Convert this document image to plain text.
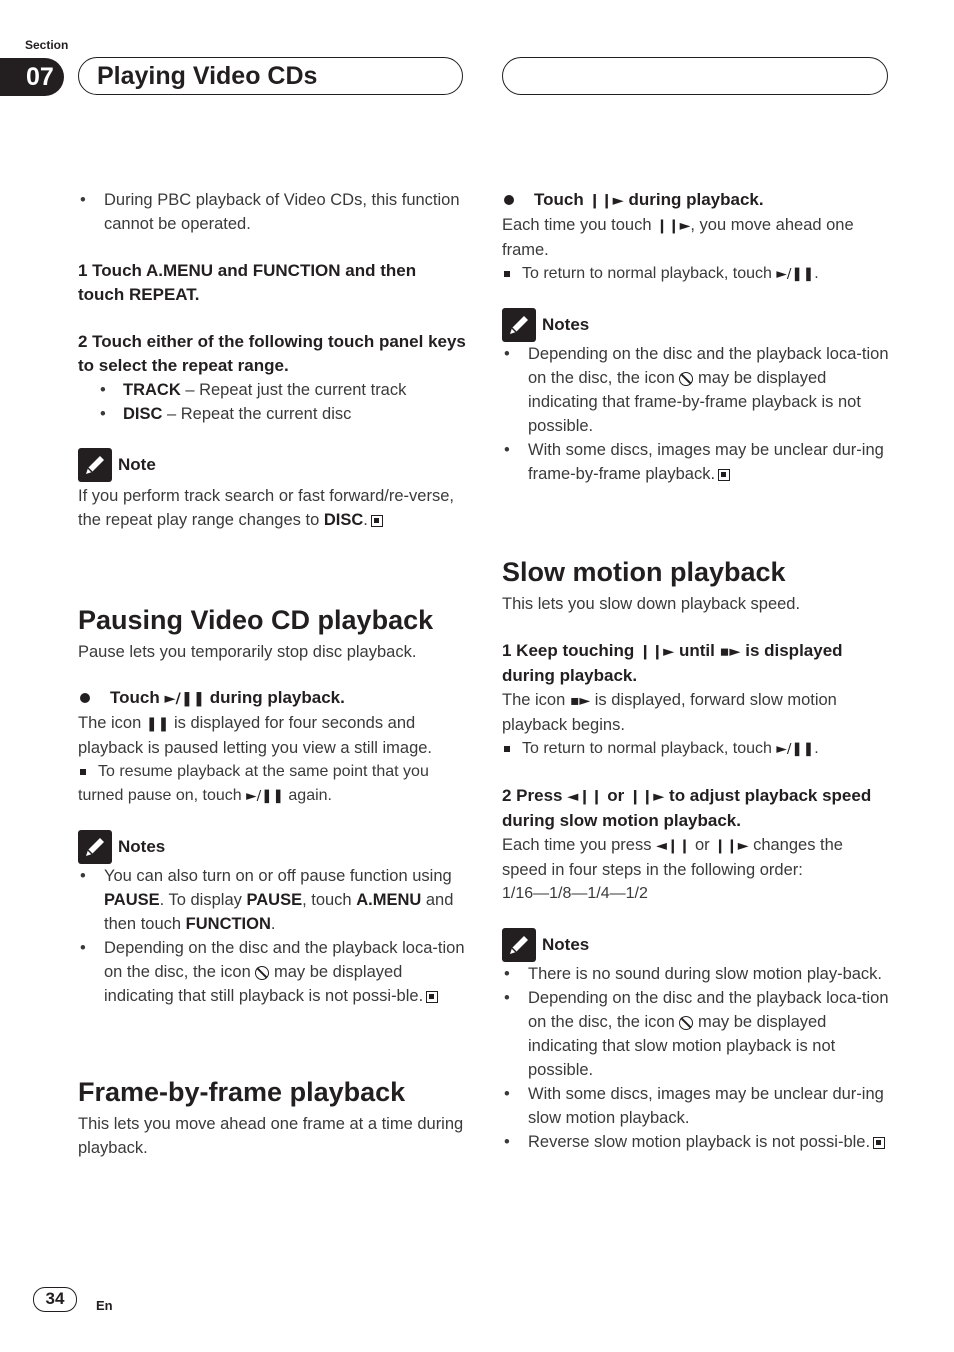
Section
07	Playing Video CDs

• During PBC playback of Video CDs, this function cannot be operated.

1 Touch A.MENU and FUNCTION and then touch REPEAT.

2 Touch either of the following touch panel keys to select the repeat range.

• TRACK – Repeat just the current track

• DISC – Repeat the current disc

Note

If you perform track search or fast forward/re-verse, the repeat play range changes to DISC.

Pausing Video CD playback

Pause lets you temporarily stop disc playback.

Touch ►/❚❚ during playback.

The icon ❚❚ is displayed for four seconds and playback is paused letting you view a still image.

To resume playback at the same point that you turned pause on, touch ►/❚❚ again.

Notes

• You can also turn on or off pause function using PAUSE. To display PAUSE, touch A.MENU and then touch FUNCTION.

• Depending on the disc and the playback loca-tion on the disc, the icon  may be displayed indicating that still playback is not possi-ble.

Frame-by-frame playback

This lets you move ahead one frame at a time during playback.

Touch ❙❙► during playback.

Each time you touch ❙❙►, you move ahead one frame.

To return to normal playback, touch ►/❚❚.

Notes

• Depending on the disc and the playback loca-tion on the disc, the icon  may be displayed indicating that frame-by-frame playback is not possible.

• With some discs, images may be unclear dur-ing frame-by-frame playback.

Slow motion playback

This lets you slow down playback speed.

1 Keep touching ❙❙► until ▪► is displayed during playback.

The icon ▪► is displayed, forward slow motion playback begins.

To return to normal playback, touch ►/❚❚.

2 Press ◄❙❙ or ❙❙► to adjust playback speed during slow motion playback.

Each time you press ◄❙❙ or ❙❙► changes the speed in four steps in the following order:

1/16—1/8—1/4—1/2

Notes

• There is no sound during slow motion play-back.

• Depending on the disc and the playback loca-tion on the disc, the icon  may be displayed indicating that slow motion playback is not possible.

• With some discs, images may be unclear dur-ing slow motion playback.

• Reverse slow motion playback is not possi-ble.

34	En
